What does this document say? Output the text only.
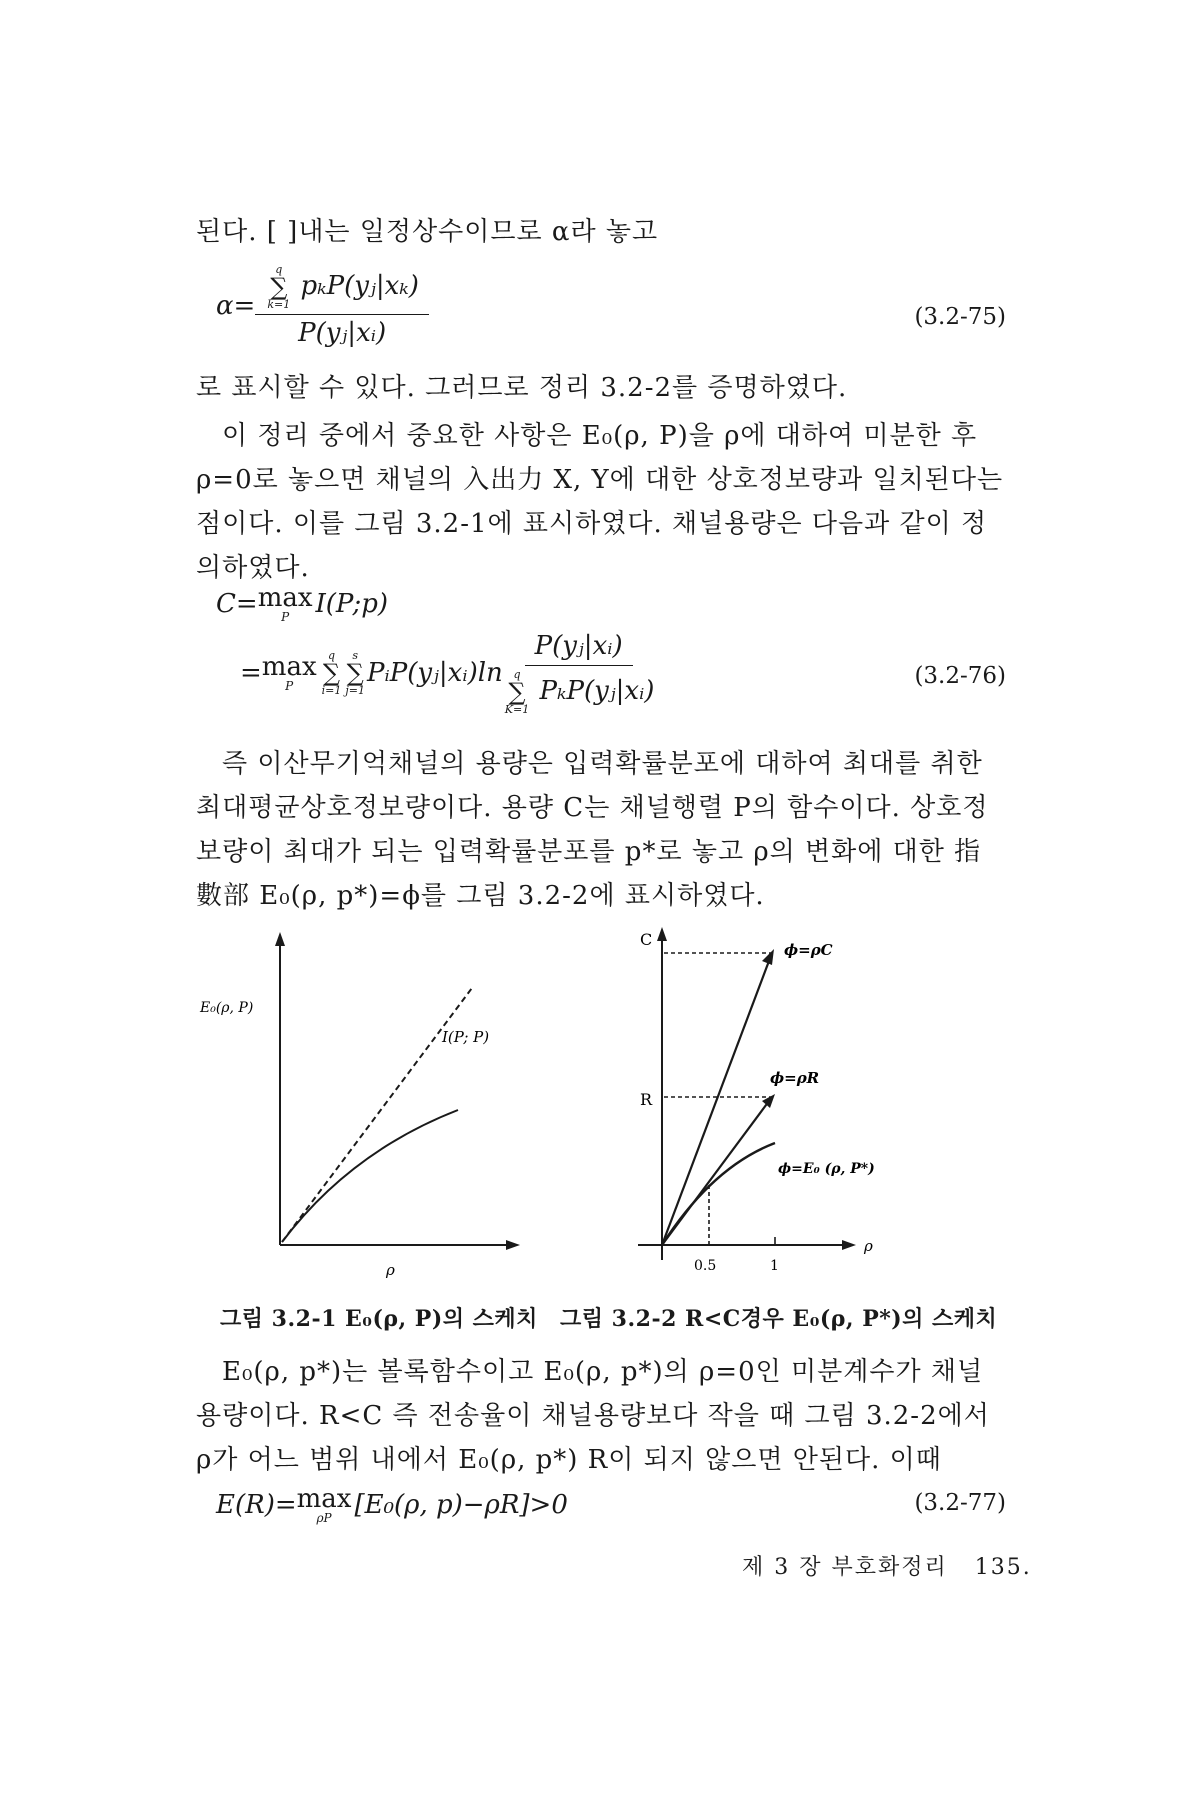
된다. [ ]내는 일정상수이므로 α라 놓고

α=
q
∑
k=1
pₖP(yⱼ|xₖ)
P(yⱼ|xᵢ)
(3.2-75)

로 표시할 수 있다. 그러므로 정리 3.2-2를 증명하였다.

이 정리 중에서 중요한 사항은 E₀(ρ, P)을 ρ에 대하여 미분한 후 ρ=0로 놓으면 채널의 入出力 X, Y에 대한 상호정보량과 일치된다는 점이다. 이를 그림 3.2-1에 표시하였다. 채널용량은 다음과 같이 정의하였다.

C= max
P I(P;p)
= max
P
q
∑
i=1
s
∑
j=1
PᵢP(yⱼ|xᵢ)ln
P(yⱼ|xᵢ)
q
∑
K=1
PₖP(yⱼ|xᵢ)	(3.2-76)

즉 이산무기억채널의 용량은 입력확률분포에 대하여 최대를 취한 최대평균상호정보량이다. 용량 C는 채널행렬 P의 함수이다. 상호정보량이 최대가 되는 입력확률분포를 p*로 놓고 ρ의 변화에 대한 指數部 E₀(ρ, p*)=ϕ를 그림 3.2-2에 표시하였다.

E₀(ρ, P)
I(P; P)
ρ
C
R
ϕ=ρC
ϕ=ρR
ϕ=E₀ (ρ, P*)
0.5	1
ρ
그림 3.2-1 E₀(ρ, P)의 스케치 그림 3.2-2 R<C경우 E₀(ρ, P*)의 스케치

E₀(ρ, p*)는 볼록함수이고 E₀(ρ, p*)의 ρ=0인 미분계수가 채널용량이다. R<C 즉 전송율이 채널용량보다 작을 때 그림 3.2-2에서 ρ가 어느 범위 내에서 E₀(ρ, p*) R이 되지 않으면 안된다. 이때

E(R)= max
ρP [E₀(ρ, p)−ρR]>0	(3.2-77)
제 3 장 부호화정리 135.
